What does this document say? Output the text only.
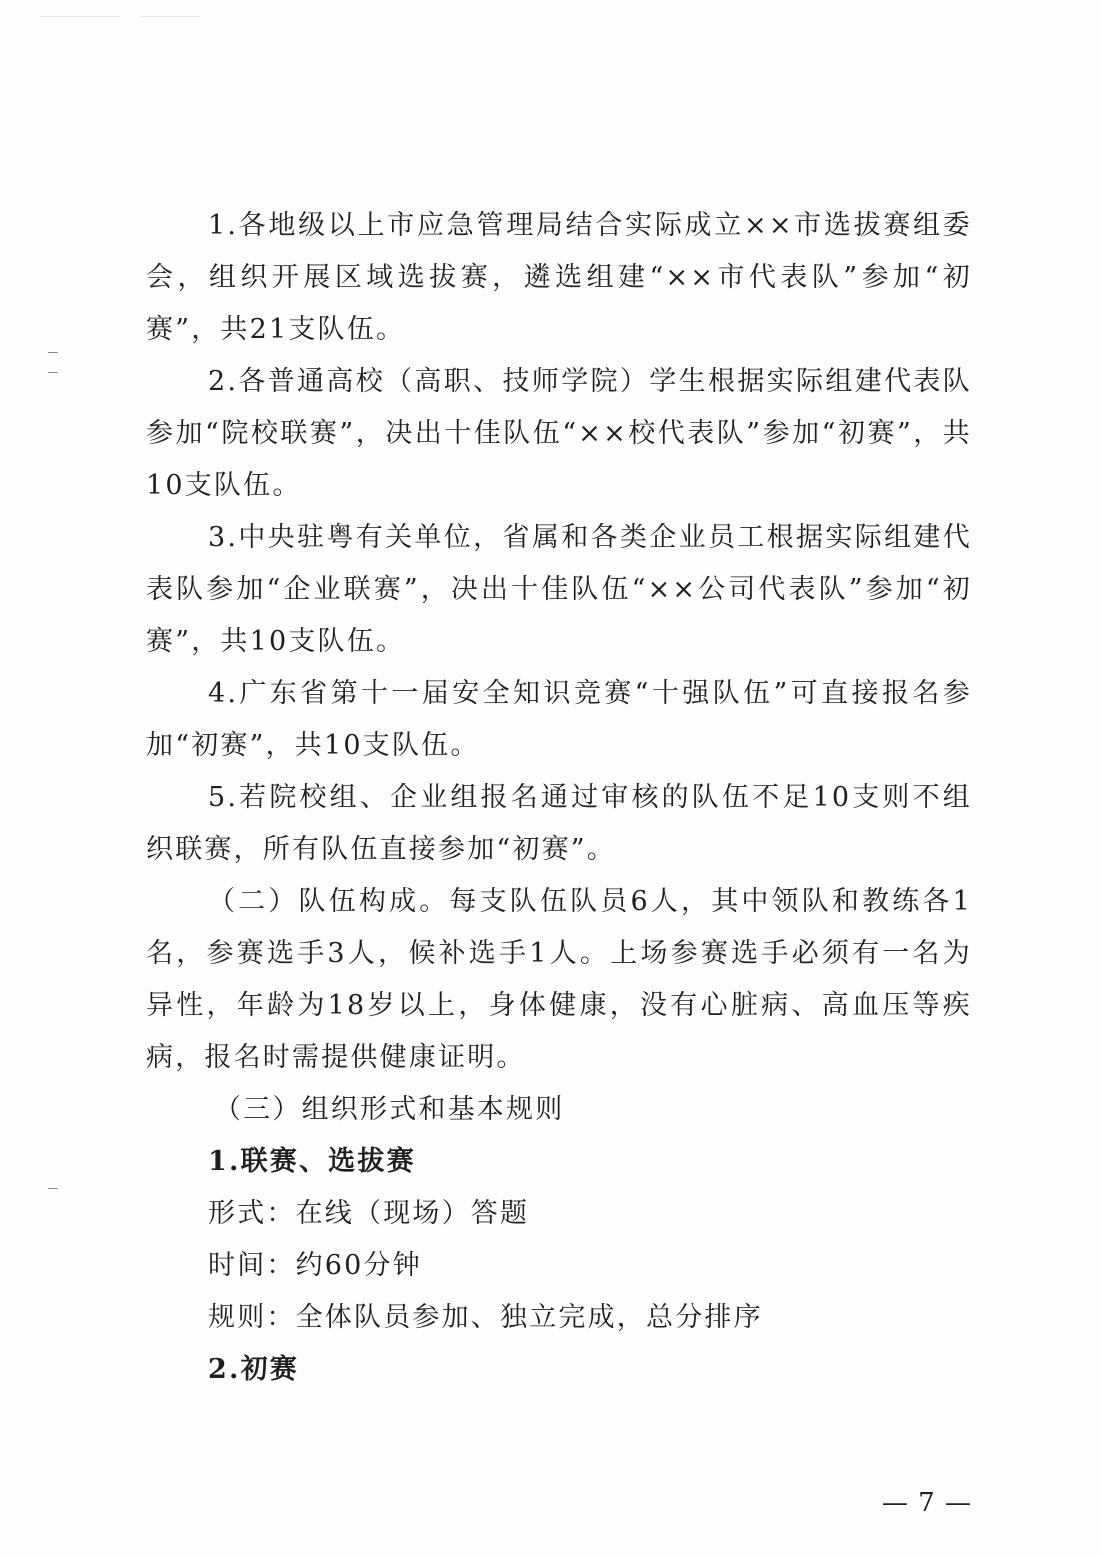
1.各地级以上市应急管理局结合实际成立××市选拔赛组委会，组织开展区域选拔赛，遴选组建“××市代表队”参加“初赛”，共21支队伍。

2.各普通高校（高职、技师学院）学生根据实际组建代表队参加“院校联赛”，决出十佳队伍“××校代表队”参加“初赛”，共10支队伍。

3.中央驻粤有关单位，省属和各类企业员工根据实际组建代表队参加“企业联赛”，决出十佳队伍“××公司代表队”参加“初赛”，共10支队伍。

4.广东省第十一届安全知识竞赛“十强队伍”可直接报名参加“初赛”，共10支队伍。

5.若院校组、企业组报名通过审核的队伍不足10支则不组织联赛，所有队伍直接参加“初赛”。

（二）队伍构成。每支队伍队员6人，其中领队和教练各1名，参赛选手3人，候补选手1人。上场参赛选手必须有一名为异性，年龄为18岁以上，身体健康，没有心脏病、高血压等疾病，报名时需提供健康证明。

（三）组织形式和基本规则
1.联赛、选拔赛
形式：在线（现场）答题
时间：约60分钟
规则：全体队员参加、独立完成，总分排序
2.初赛
— 7 —
